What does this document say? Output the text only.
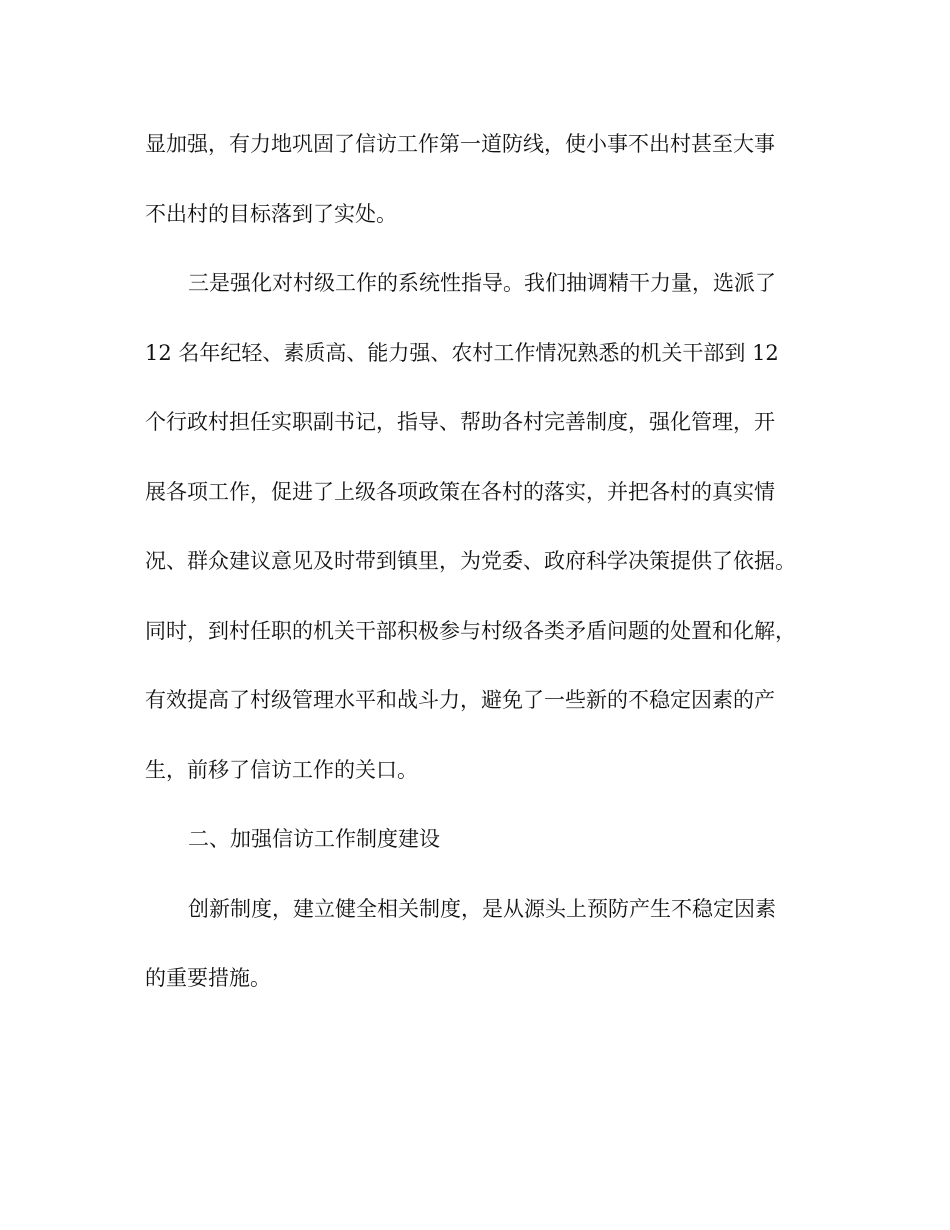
显加强，有力地巩固了信访工作第一道防线，使小事不出村甚至大事
不出村的目标落到了实处。
三是强化对村级工作的系统性指导。我们抽调精干力量，选派了
12 名年纪轻、素质高、能力强、农村工作情况熟悉的机关干部到 12
个行政村担任实职副书记，指导、帮助各村完善制度，强化管理，开
展各项工作，促进了上级各项政策在各村的落实，并把各村的真实情
况、群众建议意见及时带到镇里，为党委、政府科学决策提供了依据。
同时，到村任职的机关干部积极参与村级各类矛盾问题的处置和化解，
有效提高了村级管理水平和战斗力，避免了一些新的不稳定因素的产
生，前移了信访工作的关口。
二、加强信访工作制度建设
创新制度，建立健全相关制度，是从源头上预防产生不稳定因素
的重要措施。
